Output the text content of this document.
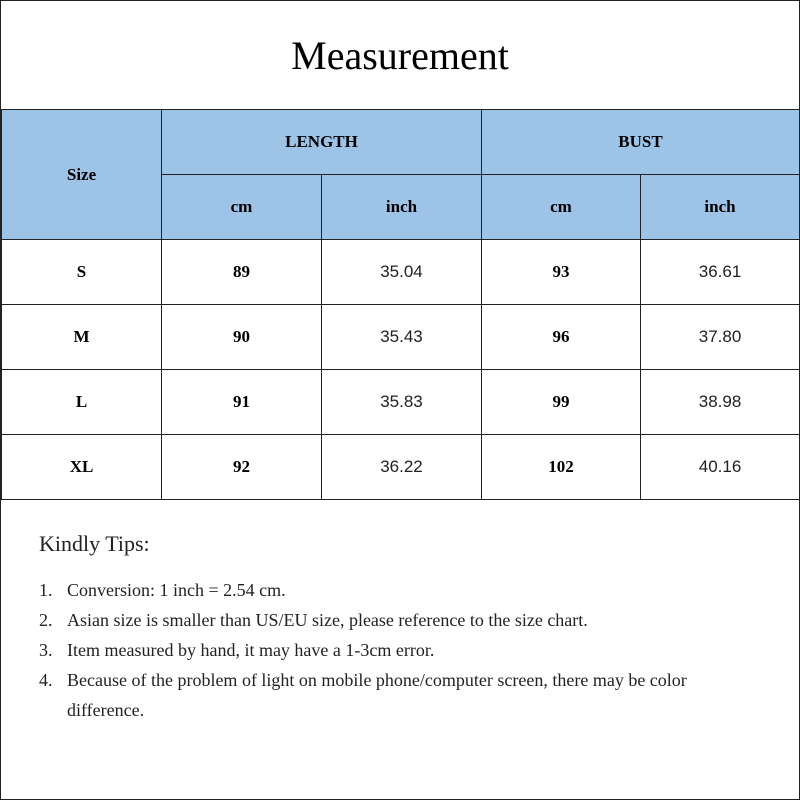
Measurement
Size	LENGTH		BUST	
	cm	inch	cm	inch
S	89	35.04	93	36.61
M	90	35.43	96	37.80
L	91	35.83	99	38.98
XL	92	36.22	102	40.16
Kindly Tips:
1. Conversion: 1 inch = 2.54 cm.
2. Asian size is smaller than US/EU size, please reference to the size chart.
3. Item measured by hand, it may have a 1-3cm error.
4. Because of the problem of light on mobile phone/computer screen, there may be color difference.
